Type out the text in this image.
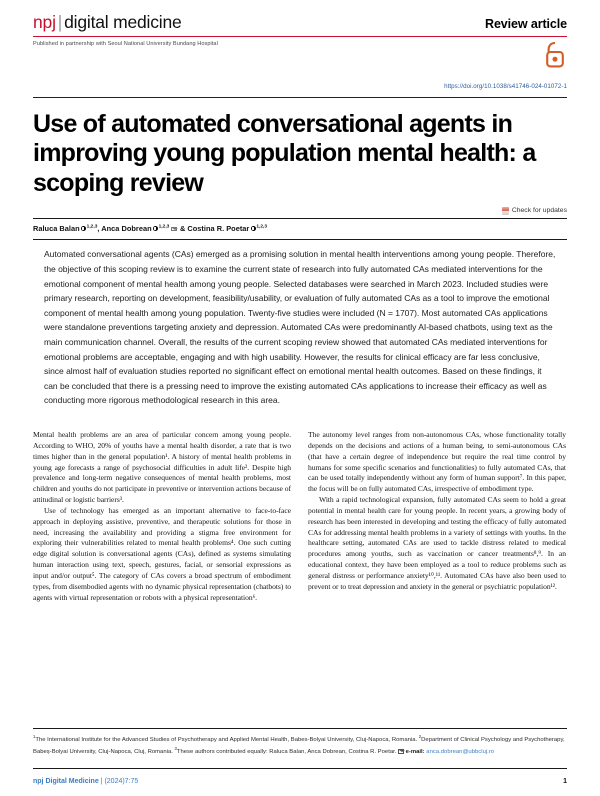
npj | digital medicine	Review article
Published in partnership with Seoul National University Bundang Hospital
https://doi.org/10.1038/s41746-024-01072-1
Use of automated conversational agents in improving young population mental health: a scoping review
Check for updates
Raluca Balan $^{1,2,3}$, Anca Dobrean $^{1,2,3}$ & Costina R. Poetar $^{1,2,3}$
Automated conversational agents (CAs) emerged as a promising solution in mental health interventions among young people. Therefore, the objective of this scoping review is to examine the current state of research into fully automated CAs mediated interventions for the emotional component of mental health among young people. Selected databases were searched in March 2023. Included studies were primary research, reporting on development, feasibility/usability, or evaluation of fully automated CAs as a tool to improve the emotional component of mental health among young population. Twenty-five studies were included (N = 1707). Most automated CAs applications were standalone preventions targeting anxiety and depression. Automated CAs were predominantly AI-based chatbots, using text as the main communication channel. Overall, the results of the current scoping review showed that automated CAs mediated interventions for emotional problems are acceptable, engaging and with high usability. However, the results for clinical efficacy are far less conclusive, since almost half of evaluation studies reported no significant effect on emotional mental health outcomes. Based on these findings, it can be concluded that there is a pressing need to improve the existing automated CAs applications to increase their efficacy as well as conducting more rigorous methodological research in this area.

Mental health problems are an area of particular concern among young people. According to WHO, 20% of youths have a mental health disorder, a rate that is two times higher than in the general population¹. A history of mental health problems in young age forecasts a range of psychosocial difficulties in adult life². Despite high prevalence and long-term negative consequences of mental health problems, most children and youths do not participate in preventive or intervention actions because of attitudinal or logistic barriers³.

Use of technology has emerged as an important alternative to face-to-face approach in deploying assistive, preventive, and therapeutic solutions for those in need, increasing the availability and providing a stigma free environment for exploring their vulnerabilities related to mental health problems⁴. One such cutting edge digital solution is conversational agents (CAs), defined as systems simulating human interaction using text, speech, gestures, facial, or sensorial expressions as input and/or output⁵. The category of CAs covers a broad spectrum of embodiment types, from disembodied agents with no dynamic physical representation (chatbots) to agents with virtual representation or robots with a physical representation⁶.

The autonomy level ranges from non-autonomous CAs, whose functionality totally depends on the decisions and actions of a human being, to semi-autonomous CAs (that have a certain degree of independence but require the real time control by humans for some specific scenarios and functionalities) to fully automated CAs, that can be used totally independently without any form of human support⁷. In this paper, the focus will be on fully automated CAs, irrespective of embodiment type.

With a rapid technological expansion, fully automated CAs seem to hold a great potential in mental health care for young people. In recent years, a growing body of research has been interested in developing and testing the efficacy of fully automated CAs for addressing mental health problems in a variety of settings with youths. In the healthcare setting, automated CAs are used to tackle distress related to medical procedures among youths, such as vaccination or cancer treatments⁸,⁹. In an educational context, they have been employed as a tool to reduce problems such as general distress or performance anxiety¹⁰,¹¹. Automated CAs have also been used to prevent or to treat depression and anxiety in the general or psychiatric population¹².

$^1$The International Institute for the Advanced Studies of Psychotherapy and Applied Mental Health, Babes-Bolyai University, Cluj-Napoca, Romania. $^2$Department of Clinical Psychology and Psychotherapy, Babeș-Bolyai University, Cluj-Napoca, Cluj, Romania. $^3$These authors contributed equally: Raluca Balan, Anca Dobrean, Costina R. Poetar. e-mail: anca.dobrean@ubbcluj.ro
npj Digital Medicine | (2024)7:75	1
